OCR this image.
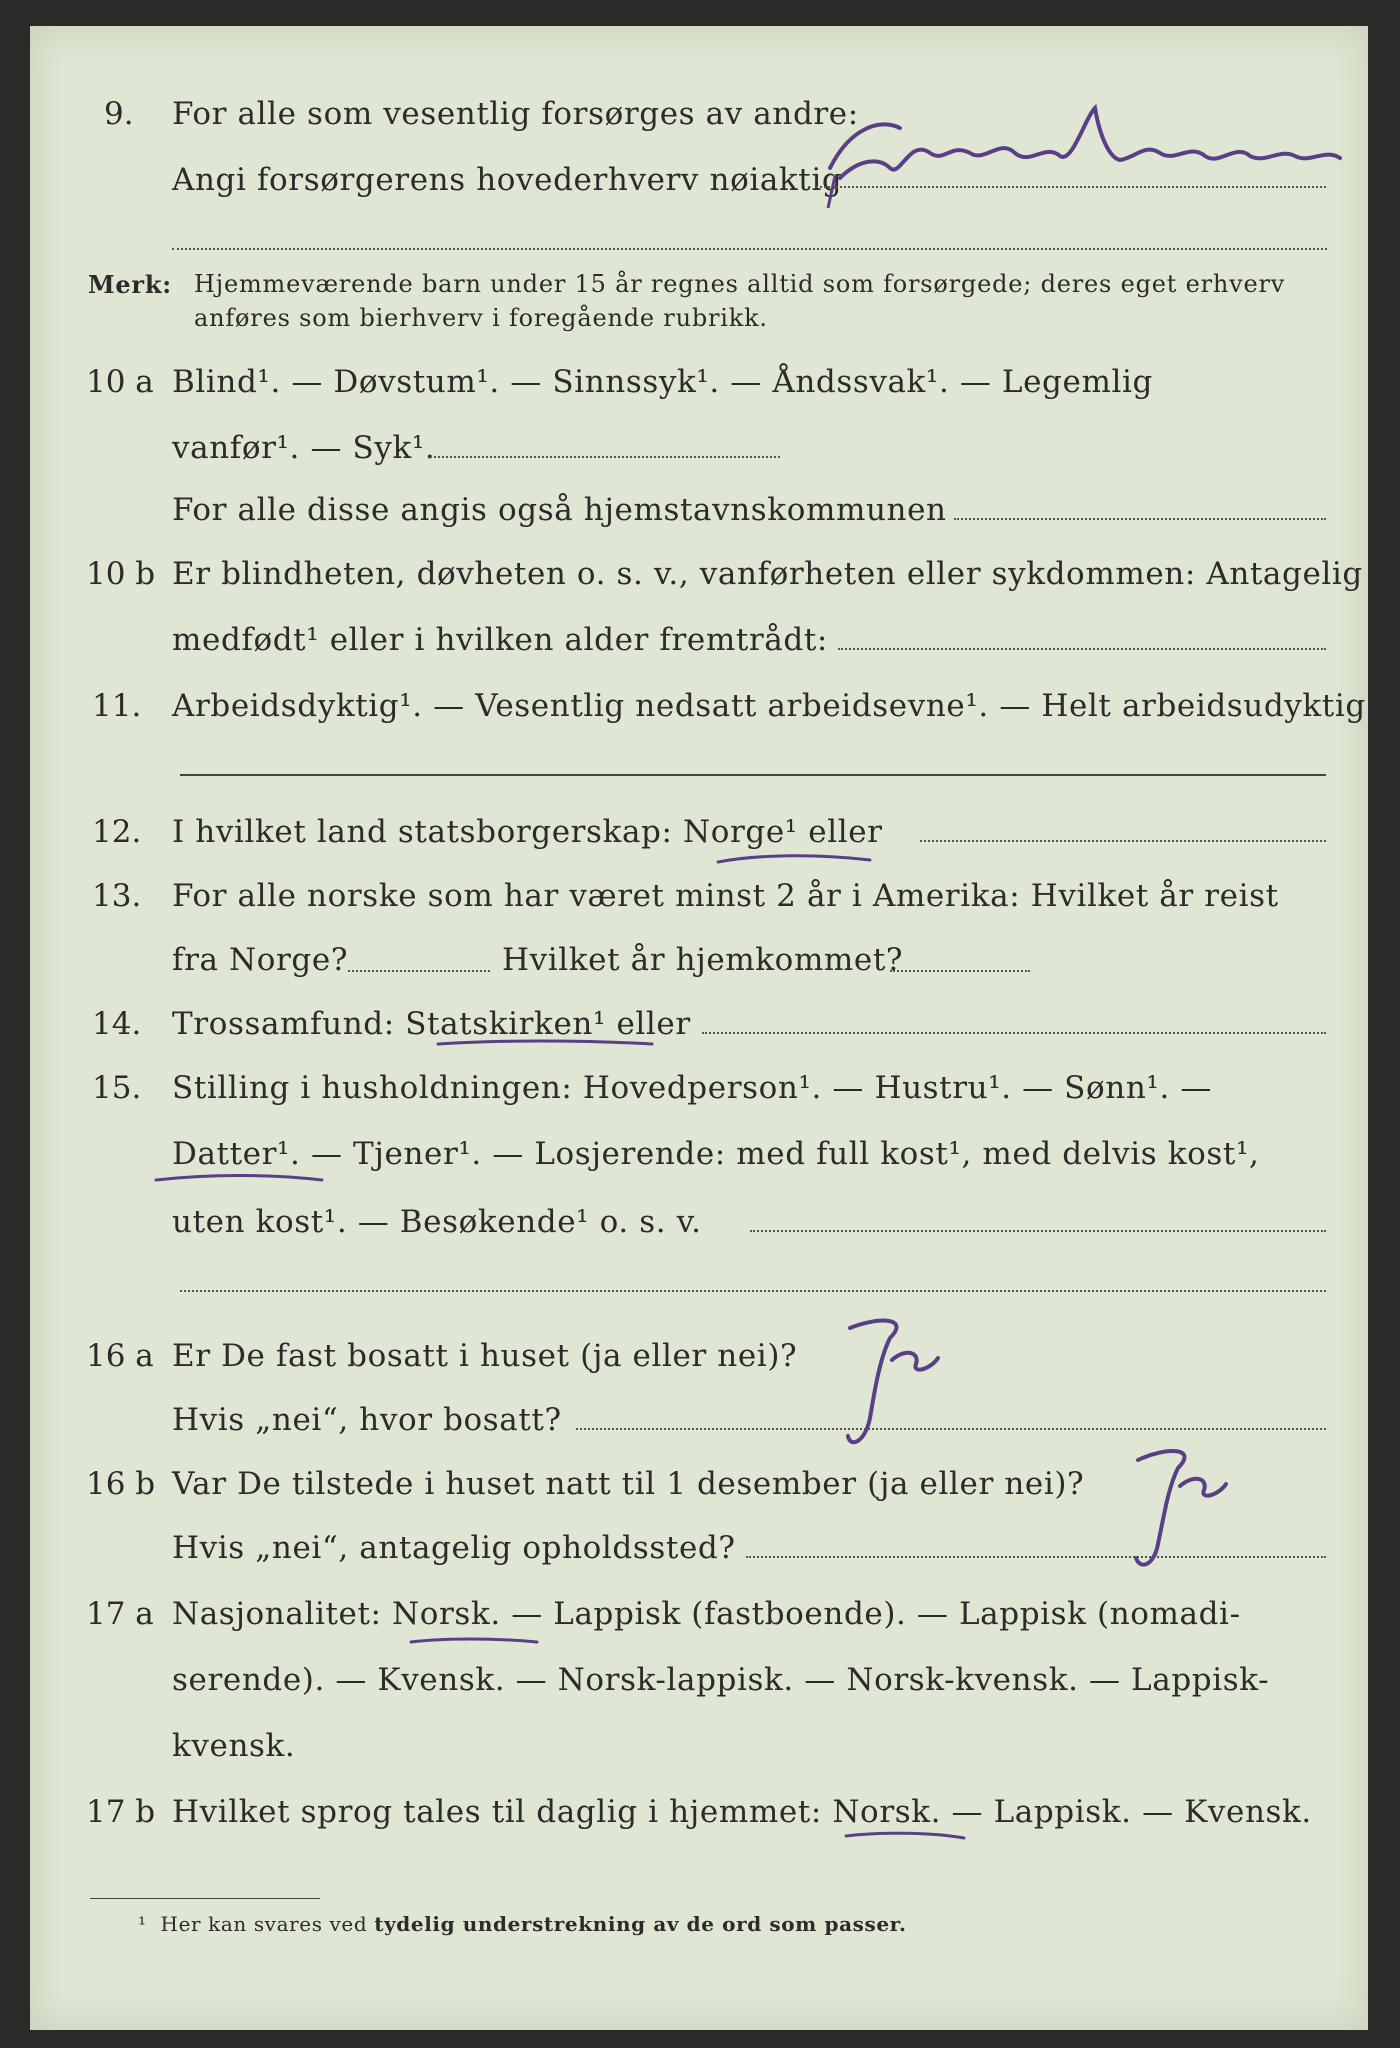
9. For alle som vesentlig forsørges av andre:
Angi forsørgerens hovederhverv nøiaktig
Merk: Hjemmeværende barn under 15 år regnes alltid som forsørgede; deres eget erhverv
anføres som bierhverv i foregående rubrikk.
10 a Blind¹. — Døvstum¹. — Sinnssyk¹. — Åndssvak¹. — Legemlig
vanfør¹. — Syk¹.
For alle disse angis også hjemstavnskommunen
10 b Er blindheten, døvheten o. s. v., vanførheten eller sykdommen: Antagelig
medfødt¹ eller i hvilken alder fremtrådt:
11. Arbeidsdyktig¹. — Vesentlig nedsatt arbeidsevne¹. — Helt arbeidsudyktig¹.
12. I hvilket land statsborgerskap: Norge¹ eller
13. For alle norske som har været minst 2 år i Amerika: Hvilket år reist
fra Norge?	Hvilket år hjemkommet?
14. Trossamfund: Statskirken¹ eller
15. Stilling i husholdningen: Hovedperson¹. — Hustru¹. — Sønn¹. —
Datter¹. — Tjener¹. — Losjerende: med full kost¹, med delvis kost¹,
uten kost¹. — Besøkende¹ o. s. v.
16 a Er De fast bosatt i huset (ja eller nei)?
Hvis „nei“, hvor bosatt?
16 b Var De tilstede i huset natt til 1 desember (ja eller nei)?
Hvis „nei“, antagelig opholdssted?
17 a Nasjonalitet: Norsk. — Lappisk (fastboende). — Lappisk (nomadi-
serende). — Kvensk. — Norsk-lappisk. — Norsk-kvensk. — Lappisk-
kvensk.
17 b Hvilket sprog tales til daglig i hjemmet: Norsk. — Lappisk. — Kvensk.
¹ Her kan svares ved tydelig understrekning av de ord som passer.
